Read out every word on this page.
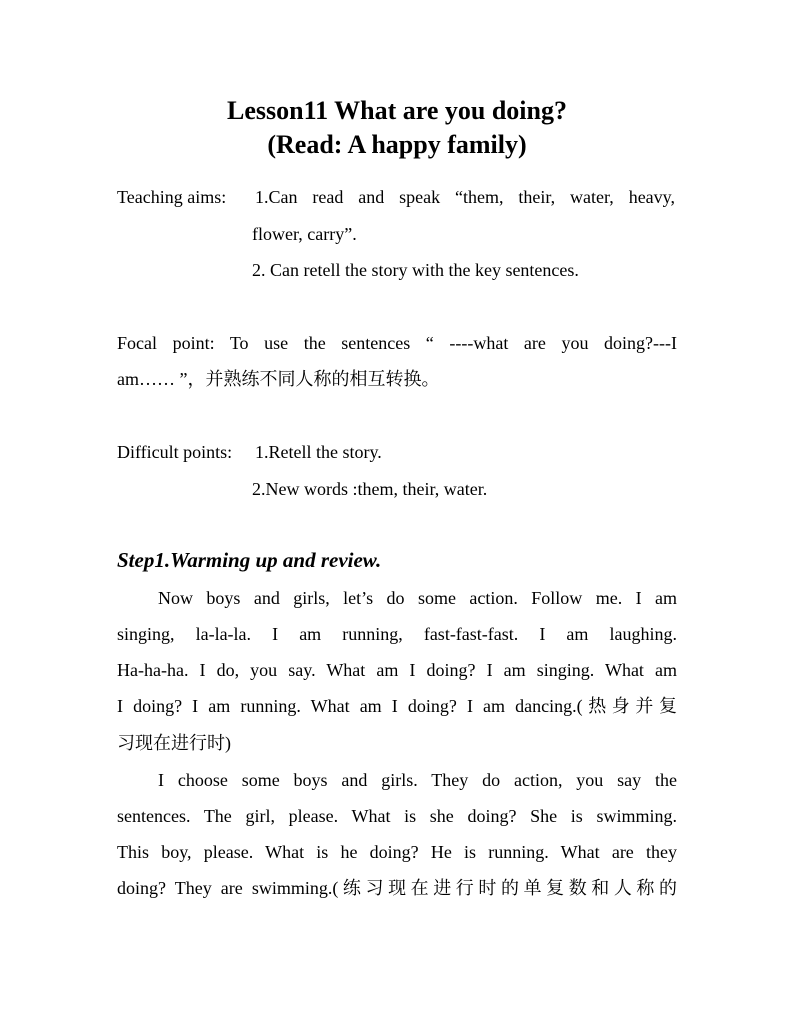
Lesson11 What are you doing?
(Read: A happy family)
Teaching aims: 1.Can read and speak “them, their, water, heavy,
flower, carry”.
2. Can retell the story with the key sentences.
Focal point: To use the sentences “ ----what are you doing?---I
am…… ”，并熟练不同人称的相互转换。
Difficult points: 1.Retell the story.
2.New words :them, their, water.
Step1.Warming up and review.
Now boys and girls, let’s do some action. Follow me. I am
singing, la-la-la. I am running, fast-fast-fast. I am laughing.
Ha-ha-ha. I do, you say. What am I doing? I am singing. What am
I doing? I am running. What am I doing? I am dancing.(热身并复
习现在进行时)
I choose some boys and girls. They do action, you say the
sentences. The girl, please. What is she doing? She is swimming.
This boy, please. What is he doing? He is running. What are they
doing? They are swimming.(练习现在进行时的单复数和人称的
